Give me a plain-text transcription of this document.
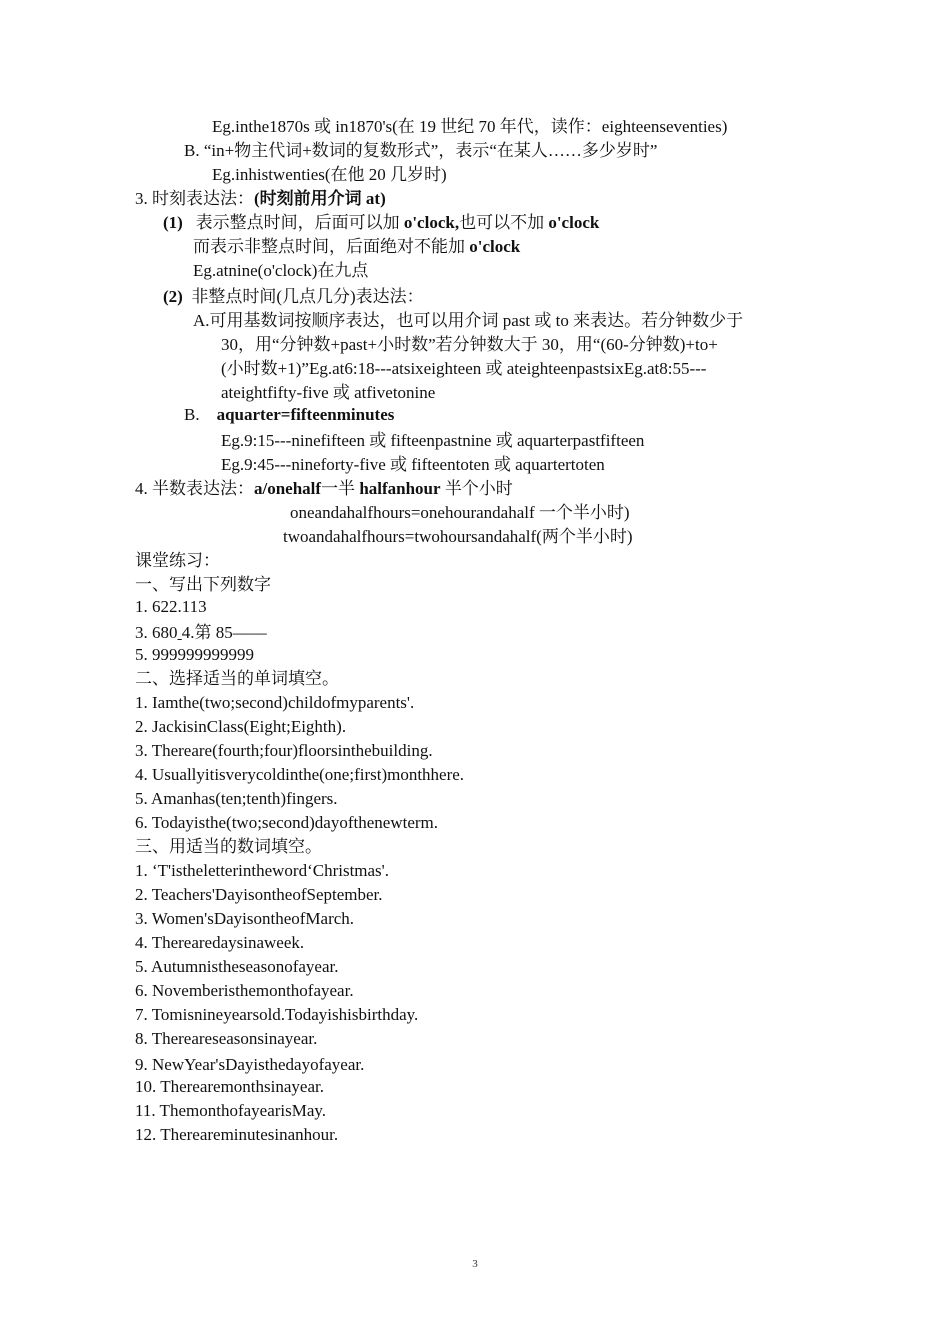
Eg.inthe1870s 或 in1870's(在 19 世纪 70 年代，读作：eighteenseventies)
B. “in+物主代词+数词的复数形式”，表示“在某人……多少岁时”
Eg.inhistwenties(在他 20 几岁时)
3. 时刻表达法：(时刻前用介词 at)
(1) 表示整点时间，后面可以加 o'clock,也可以不加 o'clock
而表示非整点时间，后面绝对不能加 o'clock
Eg.atnine(o'clock)在九点
(2) 非整点时间(几点几分)表达法：
A.可用基数词按顺序表达，也可以用介词 past 或 to 来表达。若分钟数少于
30，用“分钟数+past+小时数”若分钟数大于 30，用“(60-分钟数)+to+
(小时数+1)”Eg.at6:18---atsixeighteen 或 ateighteenpastsixEg.at8:55---
ateightfifty-five 或 atfivetonine
B. aquarter=fifteenminutes
Eg.9:15---ninefifteen 或 fifteenpastnine 或 aquarterpastfifteen
Eg.9:45---nineforty-five 或 fifteentoten 或 aquartertoten
4. 半数表达法：a/onehalf一半 halfanhour 半个小时
oneandahalfhours=onehourandahalf 一个半小时)
twoandahalfhours=twohoursandahalf(两个半小时)
课堂练习：
一、写出下列数字
1. 622.113
3. 680 4.第 85——
5. 999999999999
二、选择适当的单词填空。
1. Iamthe(two;second)childofmyparents'.
2. JackisinClass(Eight;Eighth).
3. Thereare(fourth;four)floorsinthebuilding.
4. Usuallyitisverycoldinthe(one;first)monthhere.
5. Amanhas(ten;tenth)fingers.
6. Todayisthe(two;second)dayofthenewterm.
三、用适当的数词填空。
1. ‘T'istheletterintheword‘Christmas'.
2. Teachers'DayisontheofSeptember.
3. Women'sDayisontheofMarch.
4. Therearedaysinaweek.
5. Autumnistheseasonofayear.
6. Novemberisthemonthofayear.
7. Tomisnineyearsold.Todayishisbirthday.
8. Thereareseasonsinayear.
9. NewYear'sDayisthedayofayear.
10. Therearemonthsinayear.
11. ThemonthofayearisMay.
12. Thereareminutesinanhour.
3
